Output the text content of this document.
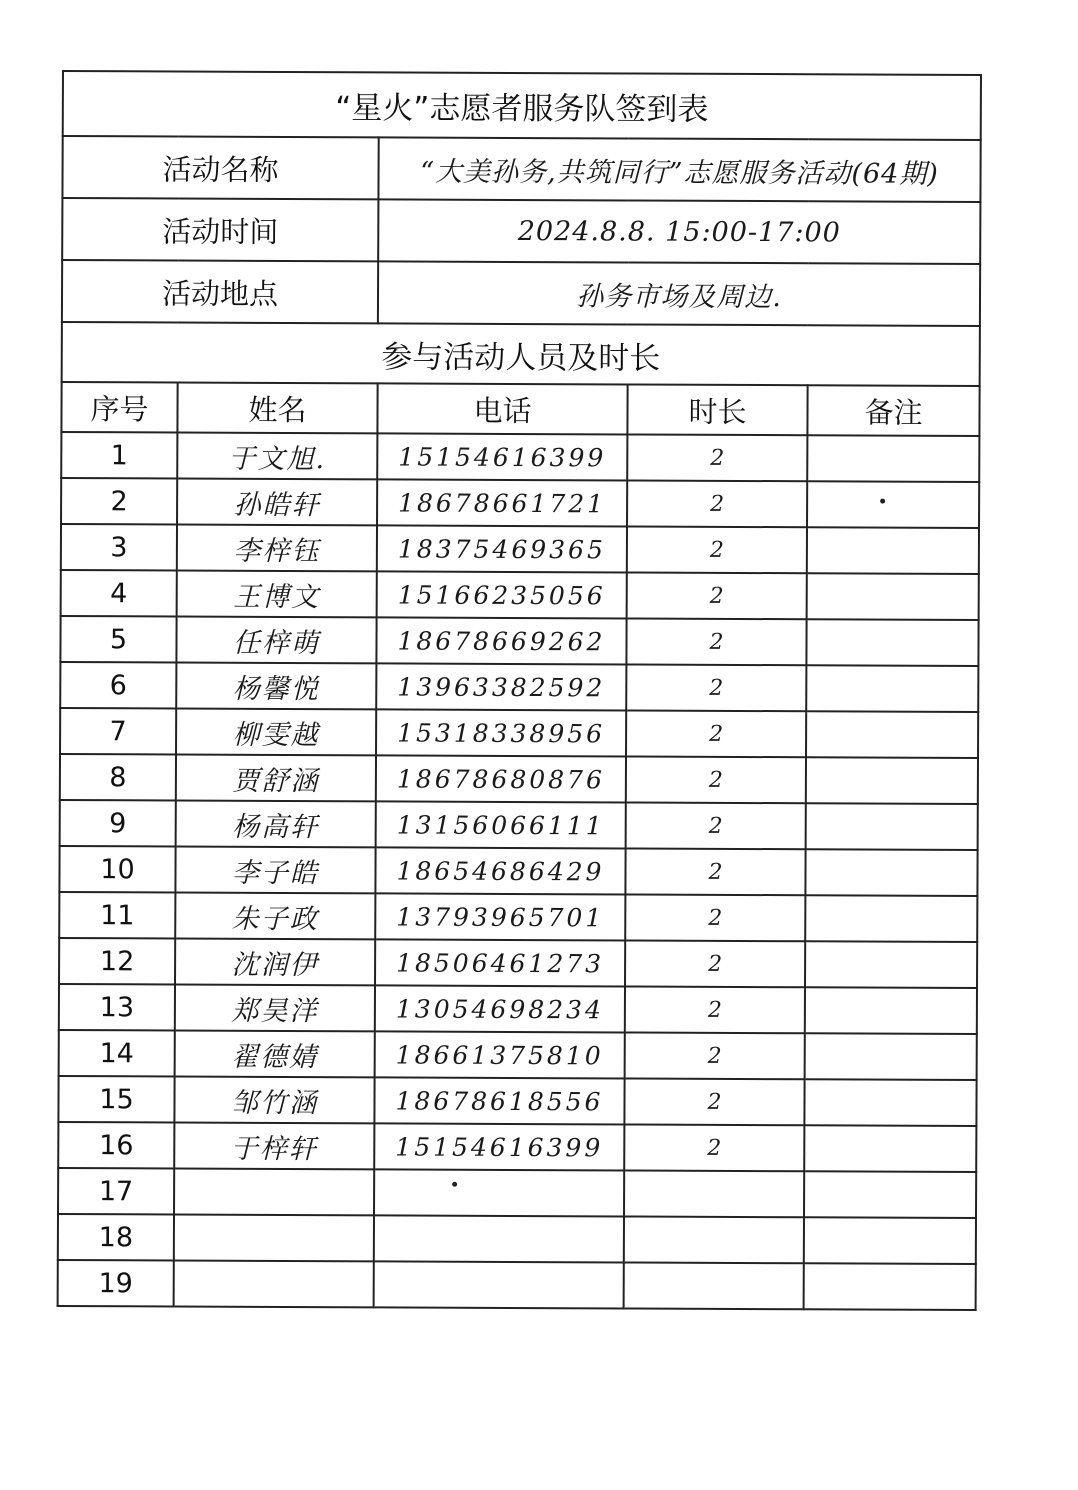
“星火”志愿者服务队签到表				
活动名称		“大美孙务,共筑同行”志愿服务活动(64期)		
活动时间		2024.8.8. 15:00-17:00		
活动地点		孙务市场及周边.		
参与活动人员及时长				
序号	姓名	电话	时长	备注
1	于文旭.	15154616399	2	
2	孙皓轩	18678661721	2	
3	李梓钰	18375469365	2	
4	王博文	15166235056	2	
5	任梓萌	18678669262	2	
6	杨馨悦	13963382592	2	
7	柳雯越	15318338956	2	
8	贾舒涵	18678680876	2	
9	杨高轩	13156066111	2	
10	李子皓	18654686429	2	
11	朱子政	13793965701	2	
12	沈润伊	18506461273	2	
13	郑昊洋	13054698234	2	
14	翟德婧	18661375810	2	
15	邹竹涵	18678618556	2	
16	于梓轩	15154616399	2	
17				
18				
19				
